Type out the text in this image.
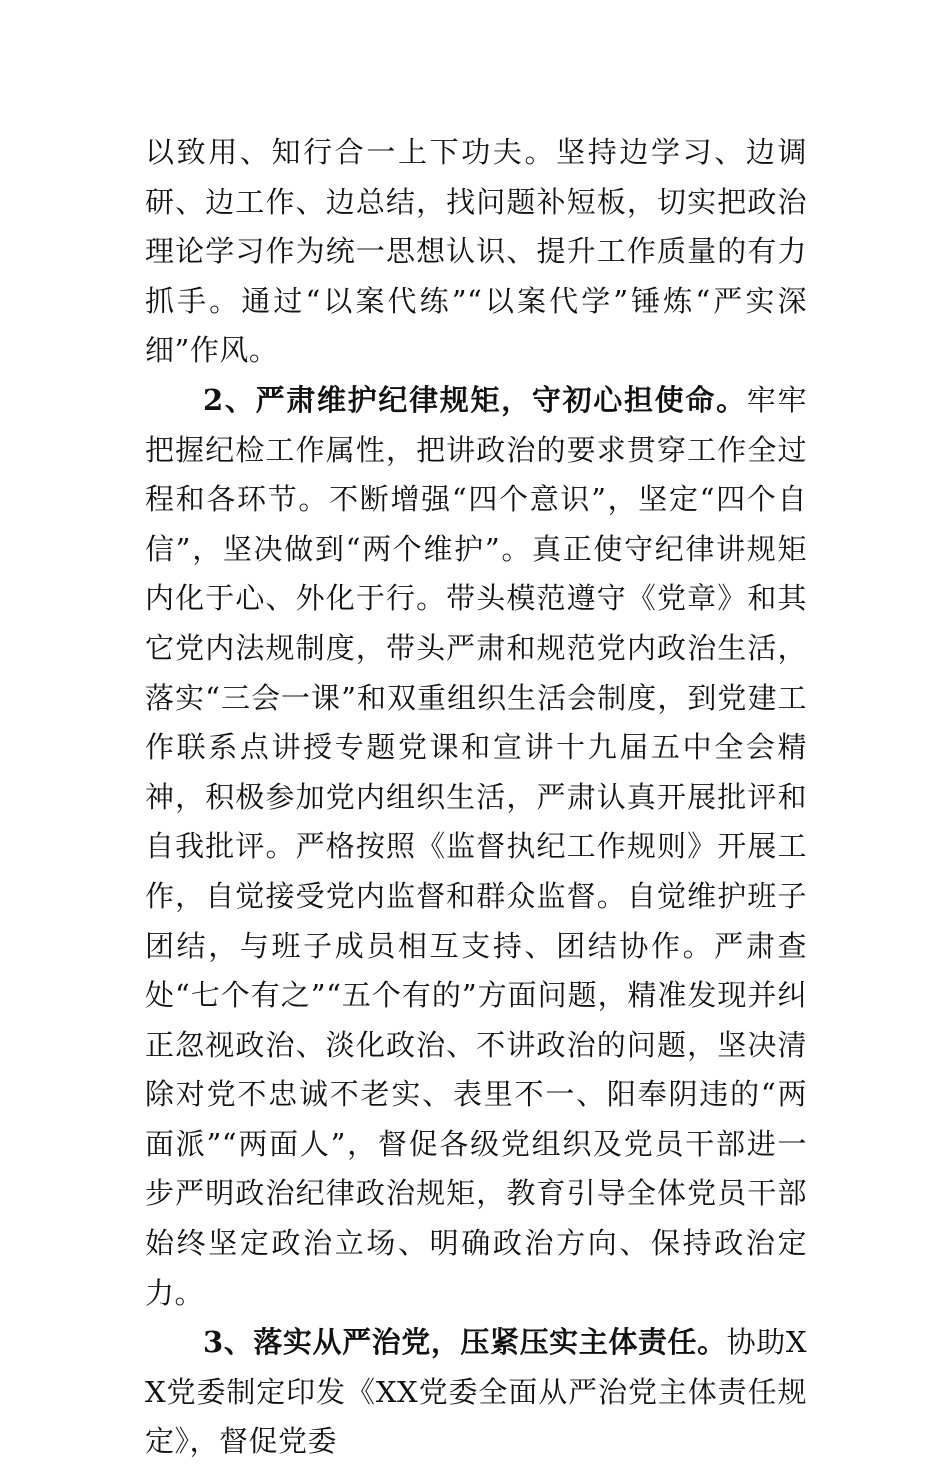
以致用、知行合一上下功夫。坚持边学习、边调研、边工作、边总结，找问题补短板，切实把政治理论学习作为统一思想认识、提升工作质量的有力抓手。通过“以案代练”“以案代学”锤炼“严实深细”作风。

2、严肃维护纪律规矩，守初心担使命。牢牢把握纪检工作属性，把讲政治的要求贯穿工作全过程和各环节。不断增强“四个意识”，坚定“四个自信”，坚决做到“两个维护”。真正使守纪律讲规矩内化于心、外化于行。带头模范遵守《党章》和其它党内法规制度，带头严肃和规范党内政治生活，落实“三会一课”和双重组织生活会制度，到党建工作联系点讲授专题党课和宣讲十九届五中全会精神，积极参加党内组织生活，严肃认真开展批评和自我批评。严格按照《监督执纪工作规则》开展工作，自觉接受党内监督和群众监督。自觉维护班子团结，与班子成员相互支持、团结协作。严肃查处“七个有之”“五个有的”方面问题，精准发现并纠正忽视政治、淡化政治、不讲政治的问题，坚决清除对党不忠诚不老实、表里不一、阳奉阴违的“两面派”“两面人”，督促各级党组织及党员干部进一步严明政治纪律政治规矩，教育引导全体党员干部始终坚定政治立场、明确政治方向、保持政治定力。

3、落实从严治党，压紧压实主体责任。协助XX党委制定印发《XX党委全面从严治党主体责任规定》，督促党委
